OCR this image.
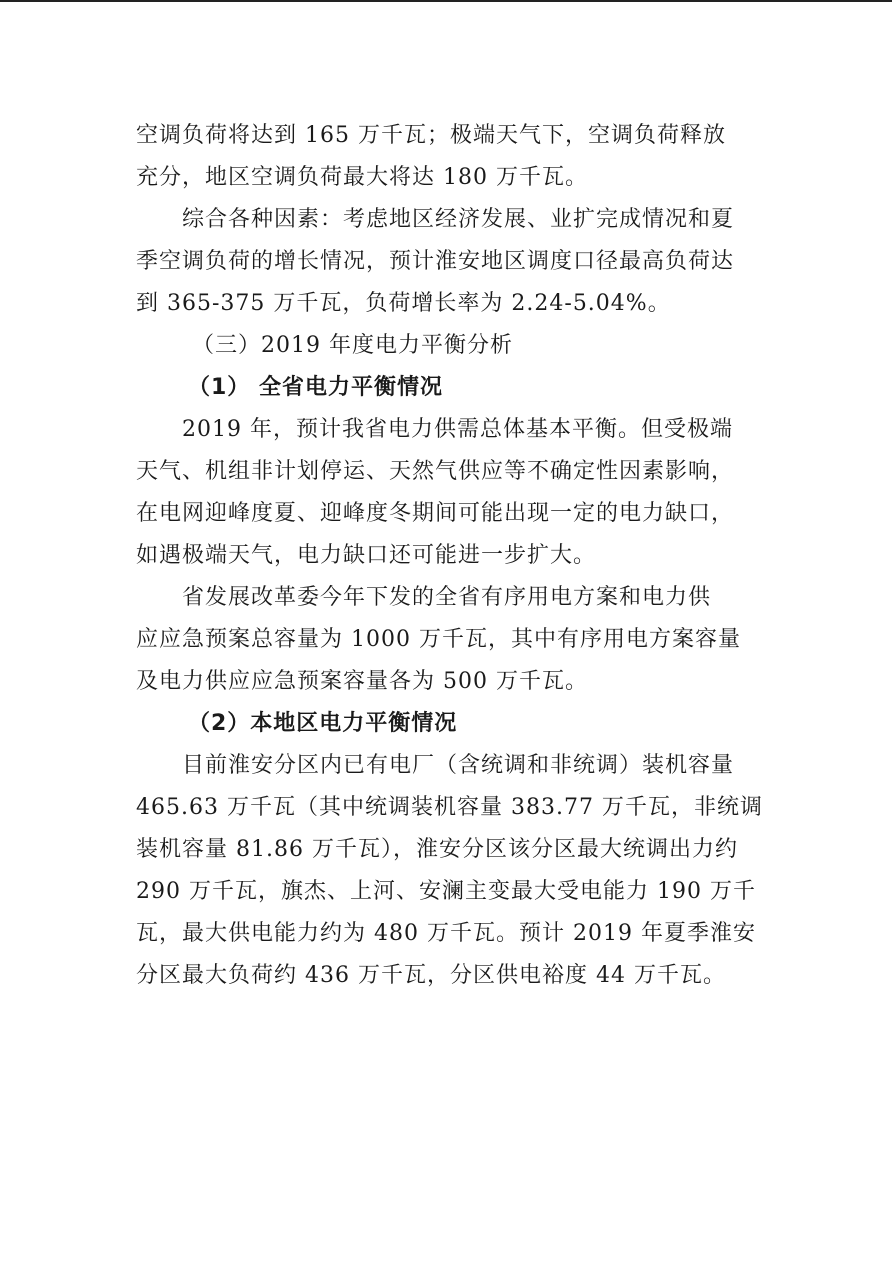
空调负荷将达到 165 万千瓦；极端天气下，空调负荷释放
充分，地区空调负荷最大将达 180 万千瓦。
综合各种因素：考虑地区经济发展、业扩完成情况和夏
季空调负荷的增长情况，预计淮安地区调度口径最高负荷达
到 365-375 万千瓦，负荷增长率为 2.24-5.04%。
（三）2019 年度电力平衡分析
（1） 全省电力平衡情况
2019 年，预计我省电力供需总体基本平衡。但受极端
天气、机组非计划停运、天然气供应等不确定性因素影响，
在电网迎峰度夏、迎峰度冬期间可能出现一定的电力缺口，
如遇极端天气，电力缺口还可能进一步扩大。
省发展改革委今年下发的全省有序用电方案和电力供
应应急预案总容量为 1000 万千瓦，其中有序用电方案容量
及电力供应应急预案容量各为 500 万千瓦。
（2）本地区电力平衡情况
目前淮安分区内已有电厂（含统调和非统调）装机容量
465.63 万千瓦（其中统调装机容量 383.77 万千瓦，非统调
装机容量 81.86 万千瓦），淮安分区该分区最大统调出力约
290 万千瓦，旗杰、上河、安澜主变最大受电能力 190 万千
瓦，最大供电能力约为 480 万千瓦。预计 2019 年夏季淮安
分区最大负荷约 436 万千瓦，分区供电裕度 44 万千瓦。
